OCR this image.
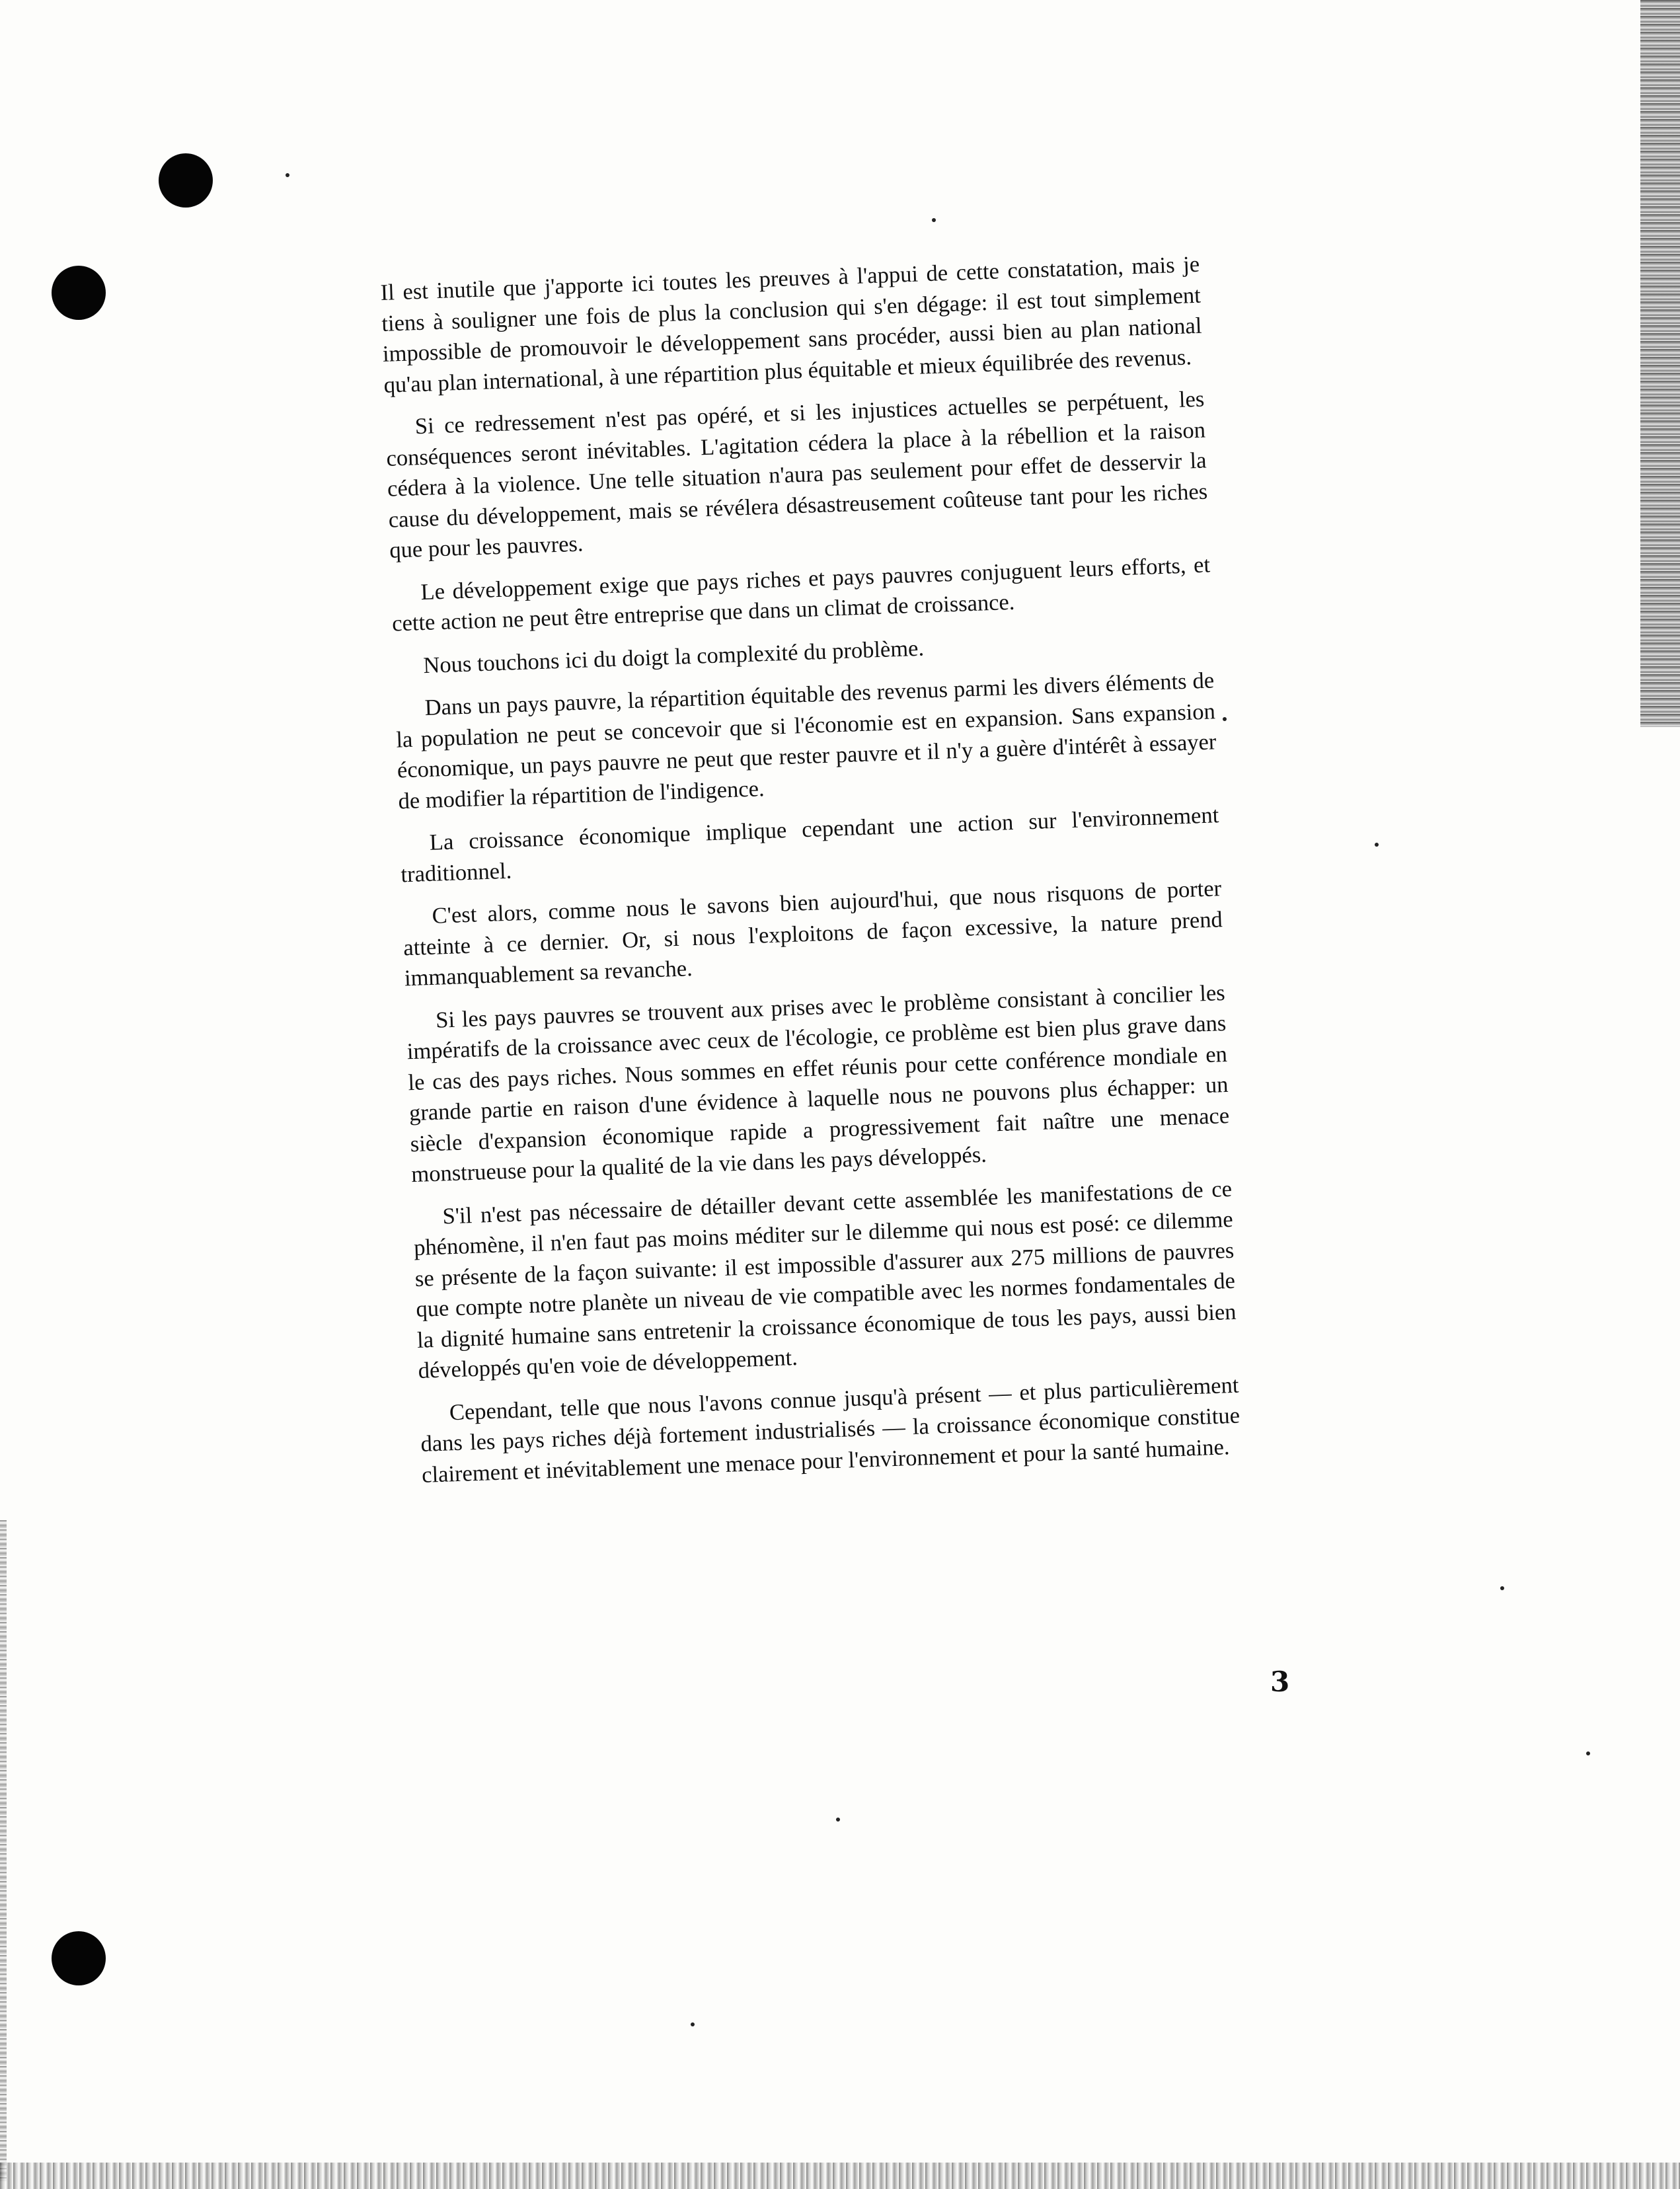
Il est inutile que j'apporte ici toutes les preuves à l'appui de cette constatation, mais je tiens à souligner une fois de plus la conclusion qui s'en dégage: il est tout simplement impossible de promouvoir le développement sans procéder, aussi bien au plan national qu'au plan international, à une répartition plus équitable et mieux équilibrée des revenus.

Si ce redressement n'est pas opéré, et si les injustices actuelles se perpétuent, les conséquences seront inévitables. L'agitation cédera la place à la rébellion et la raison cédera à la violence. Une telle situation n'aura pas seulement pour effet de desservir la cause du développement, mais se révélera désastreusement coûteuse tant pour les riches que pour les pauvres.

Le développement exige que pays riches et pays pauvres conjuguent leurs efforts, et cette action ne peut être entreprise que dans un climat de croissance.

Nous touchons ici du doigt la complexité du problème.

Dans un pays pauvre, la répartition équitable des revenus parmi les divers éléments de la population ne peut se concevoir que si l'économie est en expansion. Sans expansion économique, un pays pauvre ne peut que rester pauvre et il n'y a guère d'intérêt à essayer de modifier la répartition de l'indigence.

La croissance économique implique cependant une action sur l'environnement traditionnel.

C'est alors, comme nous le savons bien aujourd'hui, que nous risquons de porter atteinte à ce dernier. Or, si nous l'exploitons de façon excessive, la nature prend immanquablement sa revanche.

Si les pays pauvres se trouvent aux prises avec le problème consistant à concilier les impératifs de la croissance avec ceux de l'écologie, ce problème est bien plus grave dans le cas des pays riches. Nous sommes en effet réunis pour cette conférence mondiale en grande partie en raison d'une évidence à laquelle nous ne pouvons plus échapper: un siècle d'expansion économique rapide a progressivement fait naître une menace monstrueuse pour la qualité de la vie dans les pays développés.

S'il n'est pas nécessaire de détailler devant cette assemblée les manifestations de ce phénomène, il n'en faut pas moins méditer sur le dilemme qui nous est posé: ce dilemme se présente de la façon suivante: il est impossible d'assurer aux 275 millions de pauvres que compte notre planète un niveau de vie compatible avec les normes fondamentales de la dignité humaine sans entretenir la croissance économique de tous les pays, aussi bien développés qu'en voie de développement.

Cependant, telle que nous l'avons connue jusqu'à présent — et plus particulièrement dans les pays riches déjà fortement industrialisés — la croissance économique constitue clairement et inévitablement une menace pour l'environnement et pour la santé humaine.

3
